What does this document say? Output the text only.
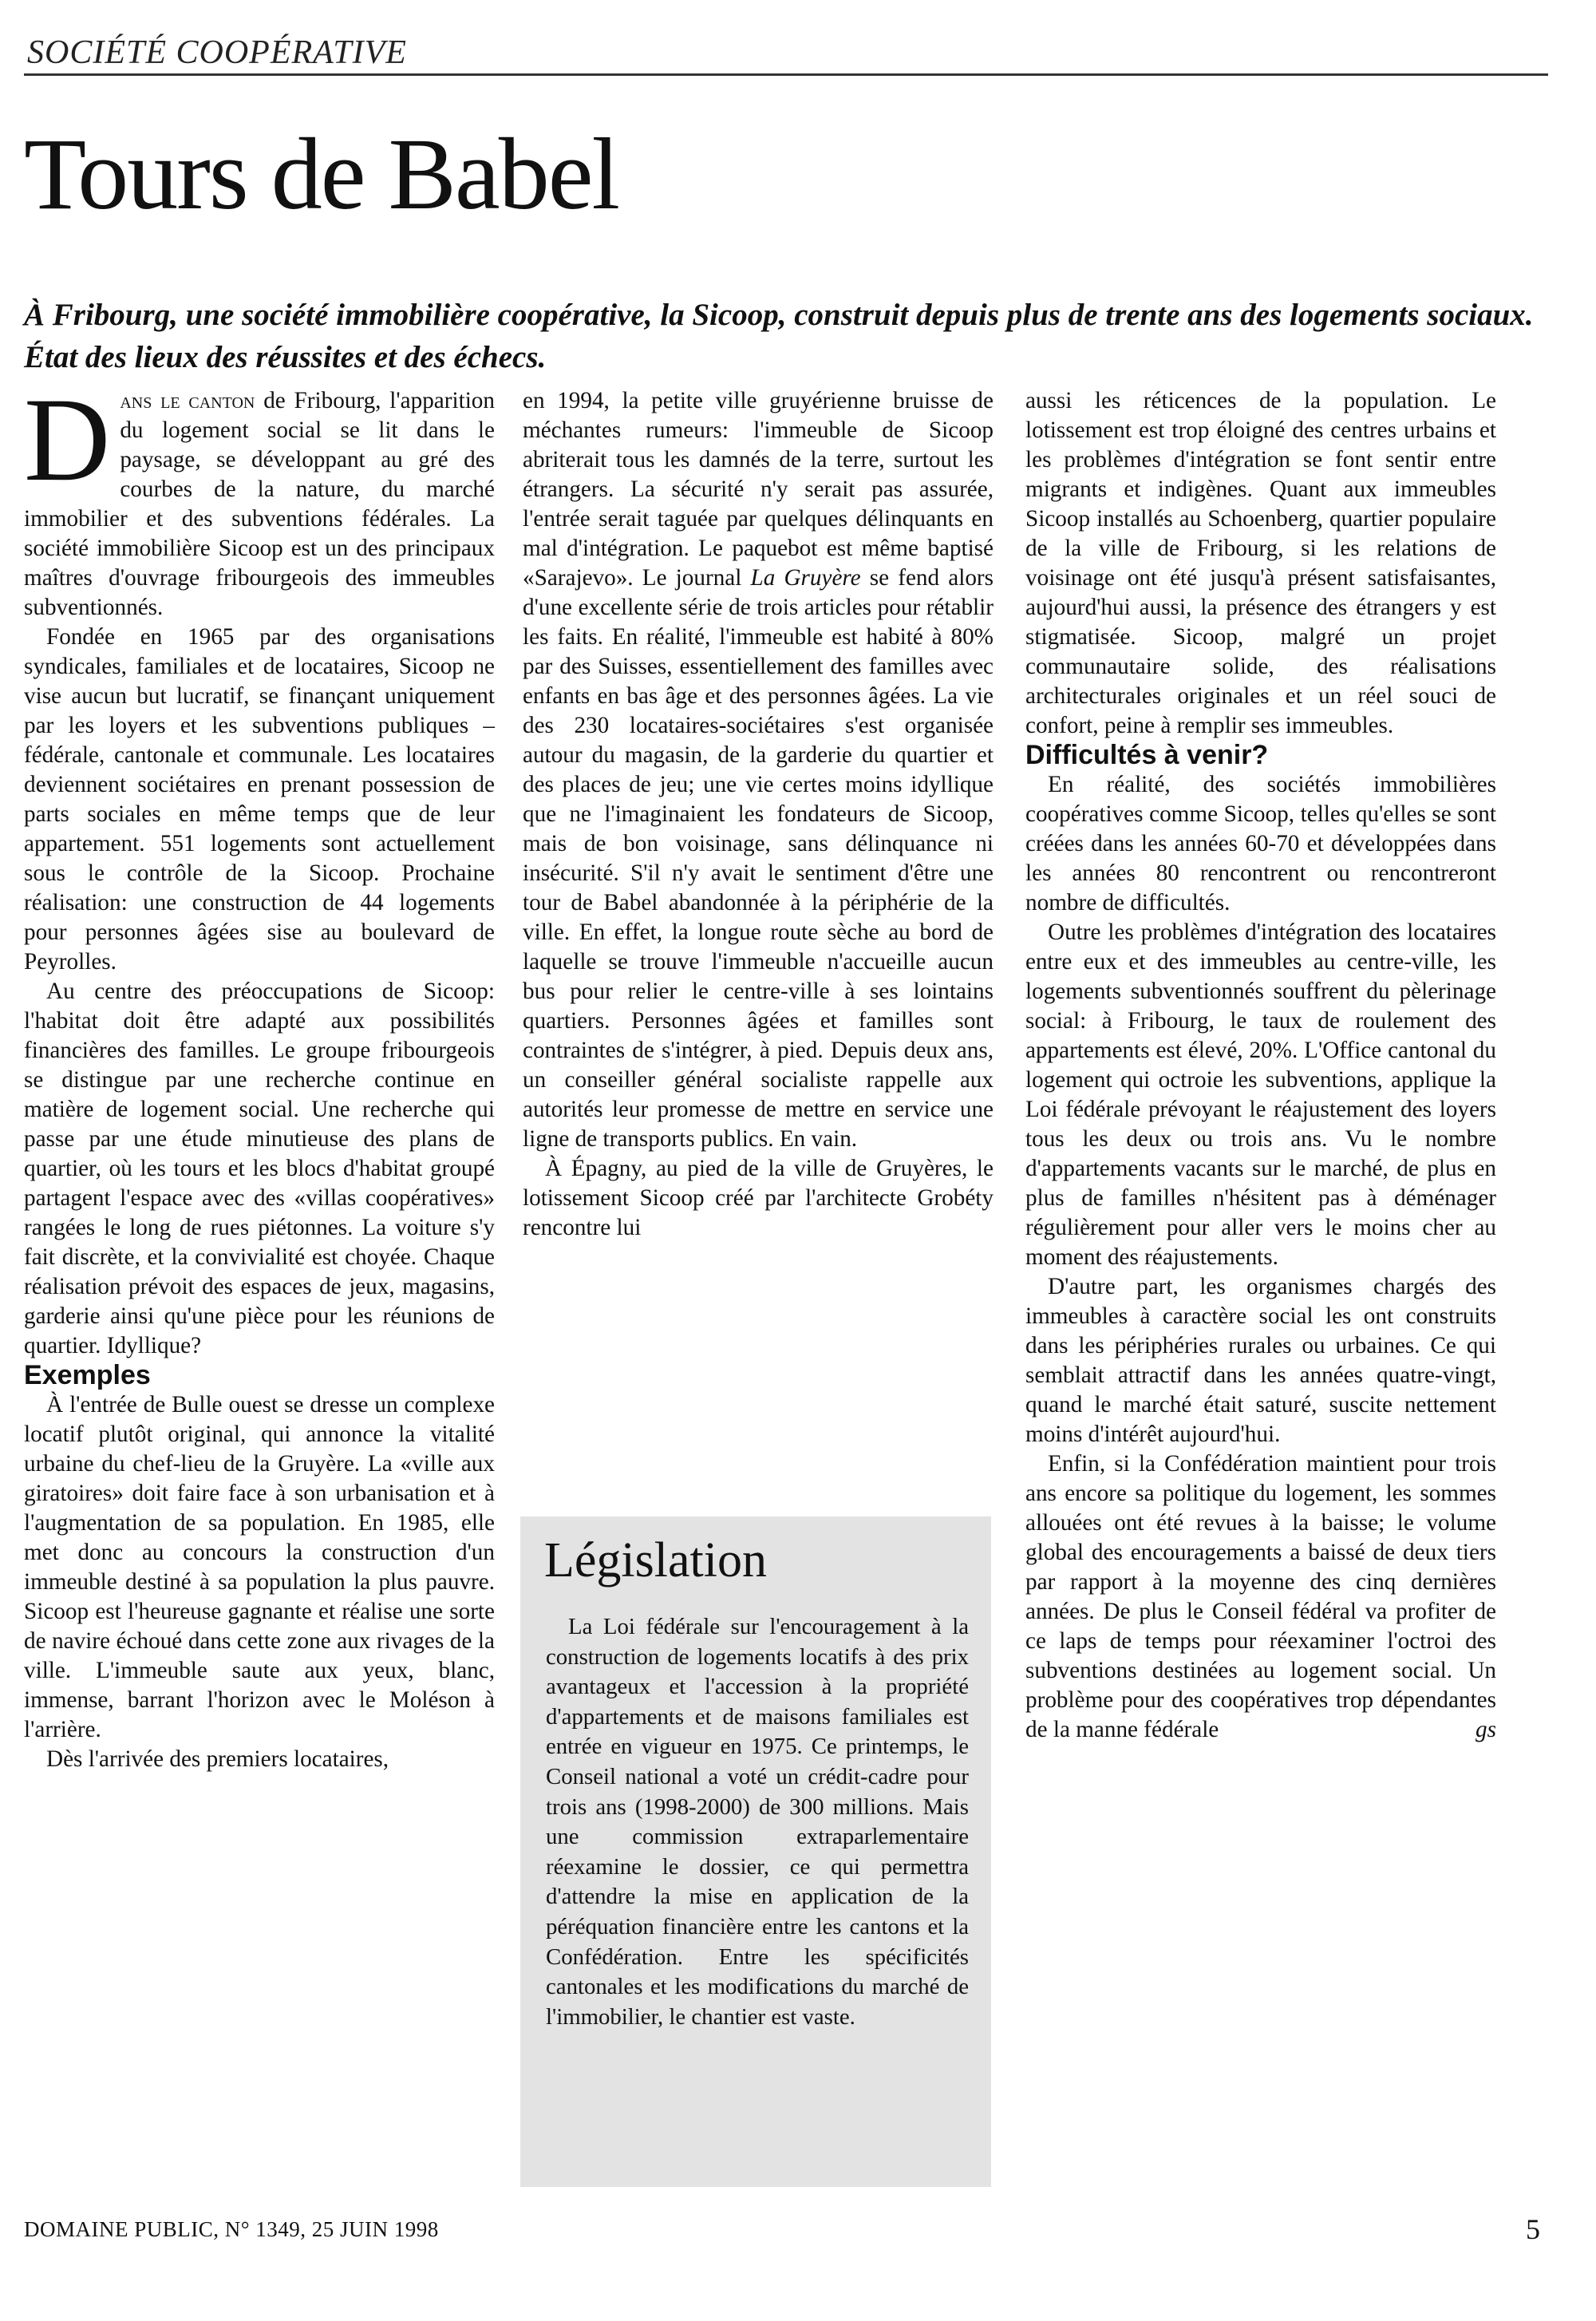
SOCIÉTÉ COOPÉRATIVE
Tours de Babel

À Fribourg, une société immobilière coopérative, la Sicoop, construit depuis plus de trente ans des logements sociaux. État des lieux des réussites et des échecs.

Dans le canton de Fribourg, l'apparition du logement social se lit dans le paysage, se développant au gré des courbes de la nature, du marché immobilier et des subventions fédérales. La société immobilière Sicoop est un des principaux maîtres d'ouvrage fribourgeois des immeubles subventionnés.

Fondée en 1965 par des organisations syndicales, familiales et de locataires, Sicoop ne vise aucun but lucratif, se finançant uniquement par les loyers et les subventions publiques – fédérale, cantonale et communale. Les locataires deviennent sociétaires en prenant possession de parts sociales en même temps que de leur appartement. 551 logements sont actuellement sous le contrôle de la Sicoop. Prochaine réalisation: une construction de 44 logements pour personnes âgées sise au boulevard de Peyrolles.

Au centre des préoccupations de Sicoop: l'habitat doit être adapté aux possibilités financières des familles. Le groupe fribourgeois se distingue par une recherche continue en matière de logement social. Une recherche qui passe par une étude minutieuse des plans de quartier, où les tours et les blocs d'habitat groupé partagent l'espace avec des «villas coopératives» rangées le long de rues piétonnes. La voiture s'y fait discrète, et la convivialité est choyée. Chaque réalisation prévoit des espaces de jeux, magasins, garderie ainsi qu'une pièce pour les réunions de quartier. Idyllique?

Exemples

À l'entrée de Bulle ouest se dresse un complexe locatif plutôt original, qui annonce la vitalité urbaine du chef-lieu de la Gruyère. La «ville aux giratoires» doit faire face à son urbanisation et à l'augmentation de sa population. En 1985, elle met donc au concours la construction d'un immeuble destiné à sa population la plus pauvre. Sicoop est l'heureuse gagnante et réalise une sorte de navire échoué dans cette zone aux rivages de la ville. L'immeuble saute aux yeux, blanc, immense, barrant l'horizon avec le Moléson à l'arrière.

Dès l'arrivée des premiers locataires,

en 1994, la petite ville gruyérienne bruisse de méchantes rumeurs: l'immeuble de Sicoop abriterait tous les damnés de la terre, surtout les étrangers. La sécurité n'y serait pas assurée, l'entrée serait taguée par quelques délinquants en mal d'intégration. Le paquebot est même baptisé «Sarajevo». Le journal La Gruyère se fend alors d'une excellente série de trois articles pour rétablir les faits. En réalité, l'immeuble est habité à 80% par des Suisses, essentiellement des familles avec enfants en bas âge et des personnes âgées. La vie des 230 locataires-sociétaires s'est organisée autour du magasin, de la garderie du quartier et des places de jeu; une vie certes moins idyllique que ne l'imaginaient les fondateurs de Sicoop, mais de bon voisinage, sans délinquance ni insécurité. S'il n'y avait le sentiment d'être une tour de Babel abandonnée à la périphérie de la ville. En effet, la longue route sèche au bord de laquelle se trouve l'immeuble n'accueille aucun bus pour relier le centre-ville à ses lointains quartiers. Personnes âgées et familles sont contraintes de s'intégrer, à pied. Depuis deux ans, un conseiller général socialiste rappelle aux autorités leur promesse de mettre en service une ligne de transports publics. En vain.

À Épagny, au pied de la ville de Gruyères, le lotissement Sicoop créé par l'architecte Grobéty rencontre lui

Législation

La Loi fédérale sur l'encouragement à la construction de logements locatifs à des prix avantageux et l'accession à la propriété d'appartements et de maisons familiales est entrée en vigueur en 1975. Ce printemps, le Conseil national a voté un crédit-cadre pour trois ans (1998-2000) de 300 millions. Mais une commission extraparlementaire réexamine le dossier, ce qui permettra d'attendre la mise en application de la péréquation financière entre les cantons et la Confédération. Entre les spécificités cantonales et les modifications du marché de l'immobilier, le chantier est vaste.

aussi les réticences de la population. Le lotissement est trop éloigné des centres urbains et les problèmes d'intégration se font sentir entre migrants et indigènes. Quant aux immeubles Sicoop installés au Schoenberg, quartier populaire de la ville de Fribourg, si les relations de voisinage ont été jusqu'à présent satisfaisantes, aujourd'hui aussi, la présence des étrangers y est stigmatisée. Sicoop, malgré un projet communautaire solide, des réalisations architecturales originales et un réel souci de confort, peine à remplir ses immeubles.

Difficultés à venir?

En réalité, des sociétés immobilières coopératives comme Sicoop, telles qu'elles se sont créées dans les années 60-70 et développées dans les années 80 rencontrent ou rencontreront nombre de difficultés.

Outre les problèmes d'intégration des locataires entre eux et des immeubles au centre-ville, les logements subventionnés souffrent du pèlerinage social: à Fribourg, le taux de roulement des appartements est élevé, 20%. L'Office cantonal du logement qui octroie les subventions, applique la Loi fédérale prévoyant le réajustement des loyers tous les deux ou trois ans. Vu le nombre d'appartements vacants sur le marché, de plus en plus de familles n'hésitent pas à déménager régulièrement pour aller vers le moins cher au moment des réajustements.

D'autre part, les organismes chargés des immeubles à caractère social les ont construits dans les périphéries rurales ou urbaines. Ce qui semblait attractif dans les années quatre-vingt, quand le marché était saturé, suscite nettement moins d'intérêt aujourd'hui.

Enfin, si la Confédération maintient pour trois ans encore sa politique du logement, les sommes allouées ont été revues à la baisse; le volume global des encouragements a baissé de deux tiers par rapport à la moyenne des cinq dernières années. De plus le Conseil fédéral va profiter de ce laps de temps pour réexaminer l'octroi des subventions destinées au logement social. Un problème pour des coopératives trop dépendantes de la manne fédérale	gs

DOMAINE PUBLIC, N° 1349, 25 JUIN 1998	5
